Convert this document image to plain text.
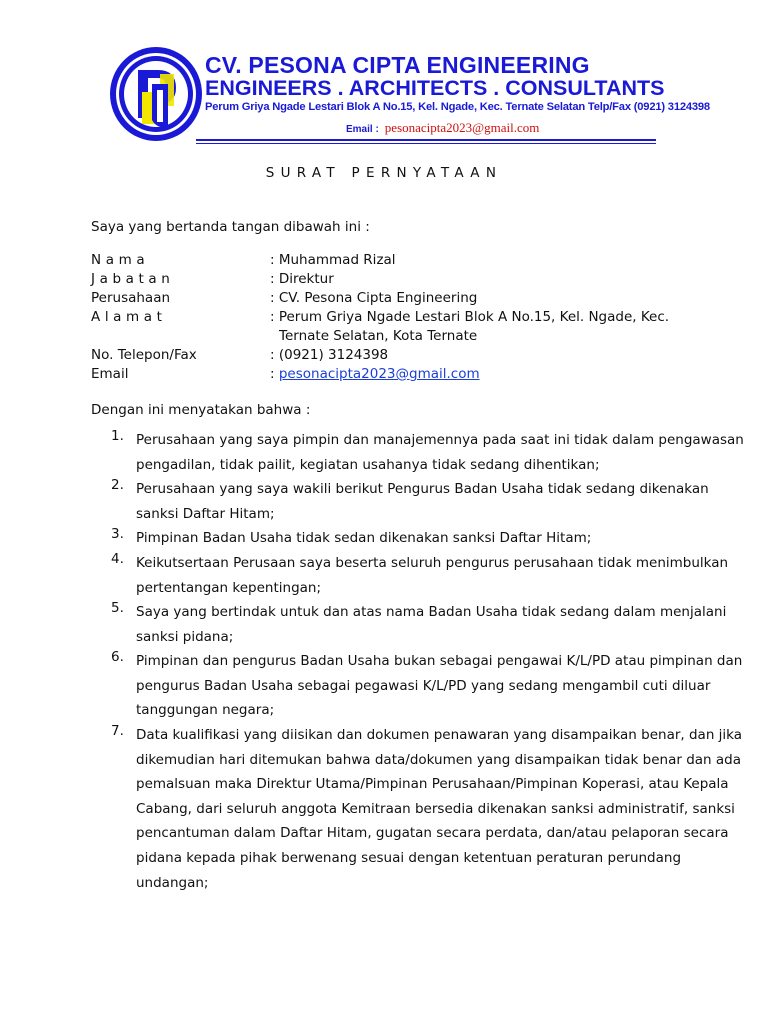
CV. PESONA CIPTA ENGINEERING
ENGINEERS . ARCHITECTS . CONSULTANTS
Perum Griya Ngade Lestari Blok A No.15, Kel. Ngade, Kec. Ternate Selatan Telp/Fax (0921) 3124398
Email : pesonacipta2023@gmail.com
SURAT PERNYATAAN
Saya yang bertanda tangan dibawah ini :
Nama	: Muhammad Rizal
Jabatan	: Direktur
Perusahaan	: CV. Pesona Cipta Engineering
Alamat	: Perum Griya Ngade Lestari Blok A No.15, Kel. Ngade, Kec.
Ternate Selatan, Kota Ternate
No. Telepon/Fax	: (0921) 3124398
Email	: pesonacipta2023@gmail.com
Dengan ini menyatakan bahwa :
1. Perusahaan yang saya pimpin dan manajemennya pada saat ini tidak dalam pengawasan
pengadilan, tidak pailit, kegiatan usahanya tidak sedang dihentikan;
2. Perusahaan yang saya wakili berikut Pengurus Badan Usaha tidak sedang dikenakan
sanksi Daftar Hitam;
3. Pimpinan Badan Usaha tidak sedan dikenakan sanksi Daftar Hitam;
4. Keikutsertaan Perusaan saya beserta seluruh pengurus perusahaan tidak menimbulkan
pertentangan kepentingan;
5. Saya yang bertindak untuk dan atas nama Badan Usaha tidak sedang dalam menjalani
sanksi pidana;
6. Pimpinan dan pengurus Badan Usaha bukan sebagai pengawai K/L/PD atau pimpinan dan
pengurus Badan Usaha sebagai pegawasi K/L/PD yang sedang mengambil cuti diluar
tanggungan negara;
7. Data kualifikasi yang diisikan dan dokumen penawaran yang disampaikan benar, dan jika
dikemudian hari ditemukan bahwa data/dokumen yang disampaikan tidak benar dan ada
pemalsuan maka Direktur Utama/Pimpinan Perusahaan/Pimpinan Koperasi, atau Kepala
Cabang, dari seluruh anggota Kemitraan bersedia dikenakan sanksi administratif, sanksi
pencantuman dalam Daftar Hitam, gugatan secara perdata, dan/atau pelaporan secara
pidana kepada pihak berwenang sesuai dengan ketentuan peraturan perundang
undangan;
